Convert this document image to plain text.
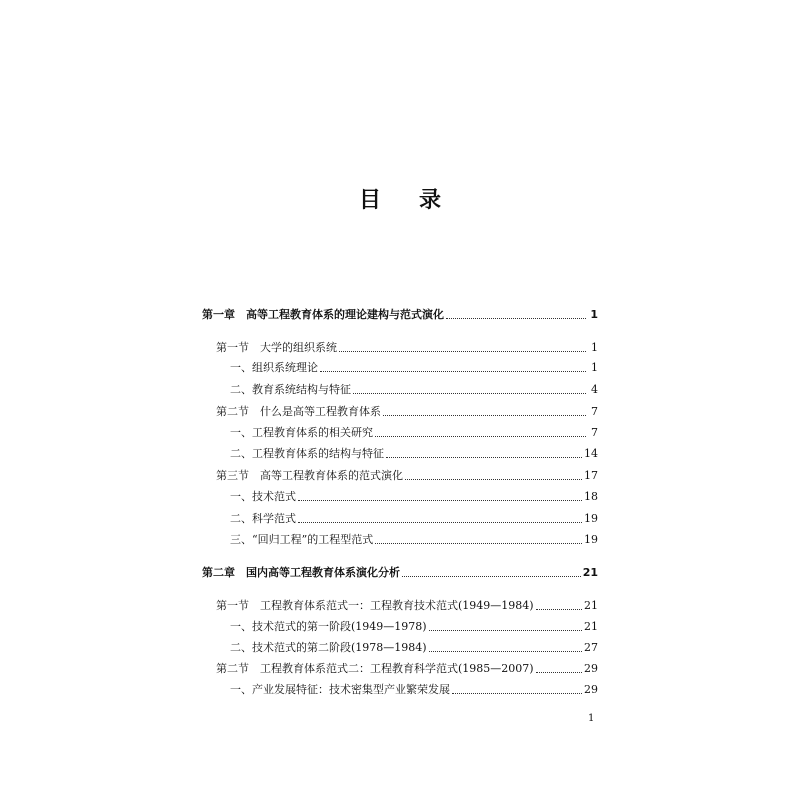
目 录
第一章　高等工程教育体系的理论建构与范式演化	1
第一节　大学的组织系统	1
一、组织系统理论	1
二、教育系统结构与特征	4
第二节　什么是高等工程教育体系	7
一、工程教育体系的相关研究	7
二、工程教育体系的结构与特征	14
第三节　高等工程教育体系的范式演化	17
一、技术范式	18
二、科学范式	19
三、“回归工程”的工程型范式	19
第二章　国内高等工程教育体系演化分析	21
第一节　工程教育体系范式一：工程教育技术范式(1949—1984)	21
一、技术范式的第一阶段(1949—1978)	21
二、技术范式的第二阶段(1978—1984)	27
第二节　工程教育体系范式二：工程教育科学范式(1985—2007)	29
一、产业发展特征：技术密集型产业繁荣发展	29
1
